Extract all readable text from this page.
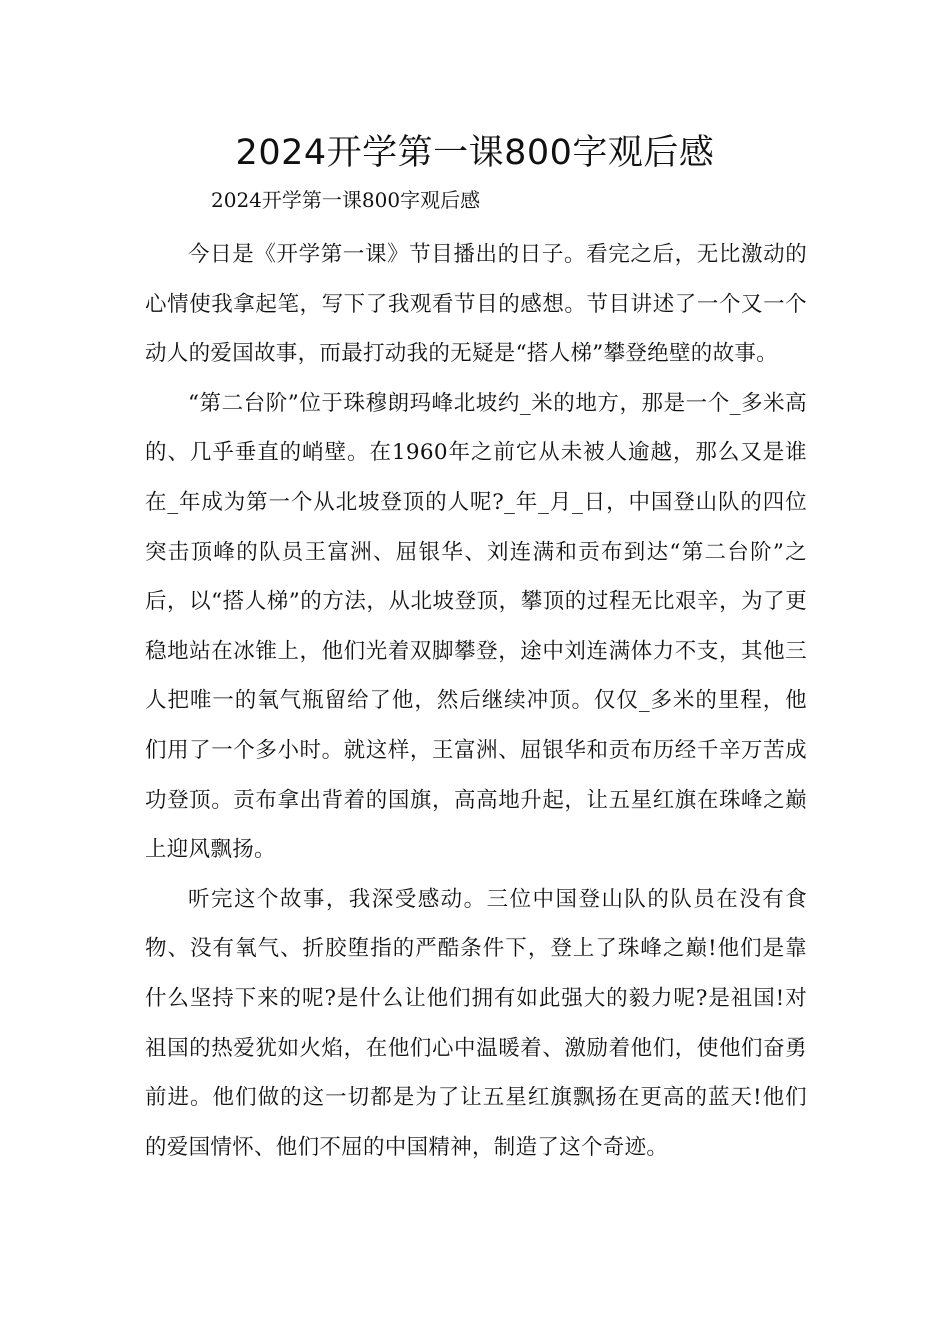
2024开学第一课800字观后感

2024开学第一课800字观后感

今日是《开学第一课》节目播出的日子。看完之后，无比激动的心情使我拿起笔，写下了我观看节目的感想。节目讲述了一个又一个动人的爱国故事，而最打动我的无疑是“搭人梯”攀登绝壁的故事。

“第二台阶”位于珠穆朗玛峰北坡约_米的地方，那是一个_多米高的、几乎垂直的峭壁。在1960年之前它从未被人逾越，那么又是谁在_年成为第一个从北坡登顶的人呢?_年_月_日，中国登山队的四位突击顶峰的队员王富洲、屈银华、刘连满和贡布到达“第二台阶”之后，以“搭人梯”的方法，从北坡登顶，攀顶的过程无比艰辛，为了更稳地站在冰锥上，他们光着双脚攀登，途中刘连满体力不支，其他三人把唯一的氧气瓶留给了他，然后继续冲顶。仅仅_多米的里程，他们用了一个多小时。就这样，王富洲、屈银华和贡布历经千辛万苦成功登顶。贡布拿出背着的国旗，高高地升起，让五星红旗在珠峰之巅上迎风飘扬。

听完这个故事，我深受感动。三位中国登山队的队员在没有食物、没有氧气、折胶堕指的严酷条件下，登上了珠峰之巅!他们是靠什么坚持下来的呢?是什么让他们拥有如此强大的毅力呢?是祖国!对祖国的热爱犹如火焰，在他们心中温暖着、激励着他们，使他们奋勇前进。他们做的这一切都是为了让五星红旗飘扬在更高的蓝天!他们的爱国情怀、他们不屈的中国精神，制造了这个奇迹。
